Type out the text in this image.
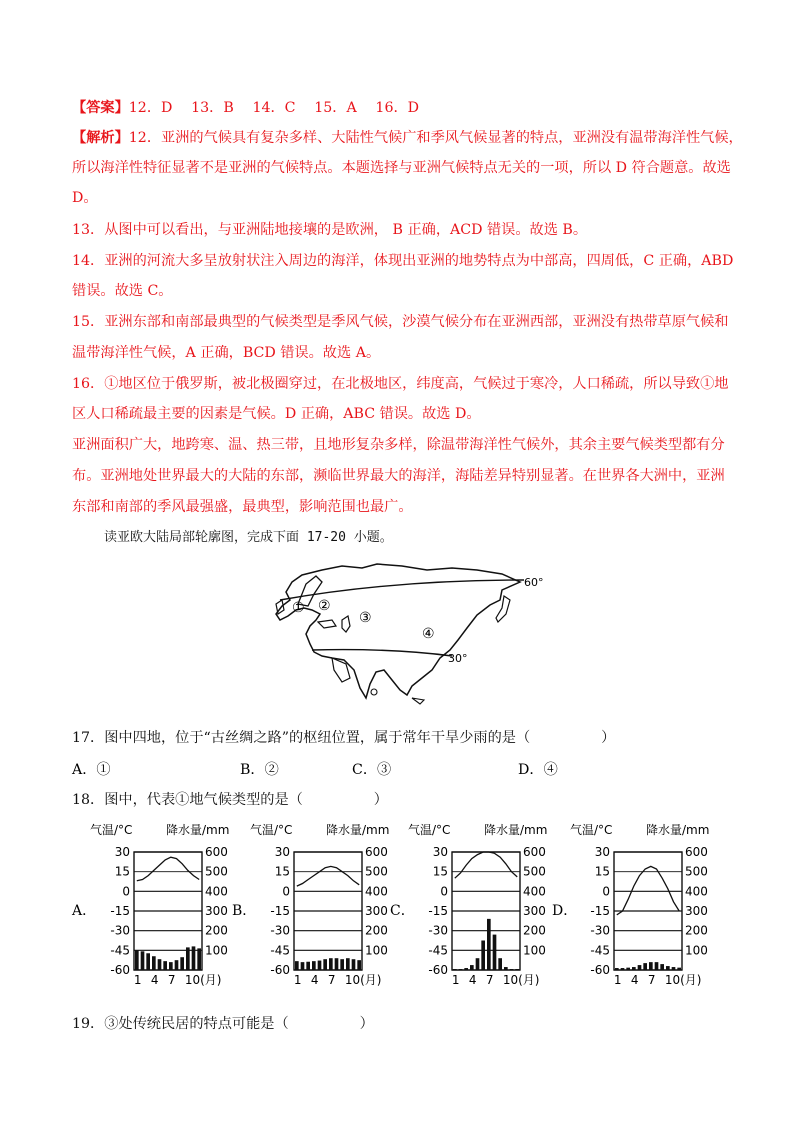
【答案】12．D　 13．B　 14．C　 15．A　 16．D
【解析】12．亚洲的气候具有复杂多样、大陆性气候广和季风气候显著的特点，亚洲没有温带海洋性气候，
所以海洋性特征显著不是亚洲的气候特点。本题选择与亚洲气候特点无关的一项，所以 D 符合题意。故选
D。
13．从图中可以看出，与亚洲陆地接壤的是欧洲， B 正确，ACD 错误。故选 B。
14．亚洲的河流大多呈放射状注入周边的海洋，体现出亚洲的地势特点为中部高，四周低，C 正确，ABD
错误。故选 C。
15．亚洲东部和南部最典型的气候类型是季风气候，沙漠气候分布在亚洲西部，亚洲没有热带草原气候和
温带海洋性气候，A 正确，BCD 错误。故选 A。
16．①地区位于俄罗斯，被北极圈穿过，在北极地区，纬度高，气候过于寒冷，人口稀疏，所以导致①地
区人口稀疏最主要的因素是气候。D 正确，ABC 错误。故选 D。
亚洲面积广大，地跨寒、温、热三带，且地形复杂多样，除温带海洋性气候外，其余主要气候类型都有分
布。亚洲地处世界最大的大陆的东部，濒临世界最大的海洋，海陆差异特别显著。在世界各大洲中，亚洲
东部和南部的季风最强盛，最典型，影响范围也最广。
读亚欧大陆局部轮廓图，完成下面 17-20 小题。
① ②
③
④
60°
30°
17．图中四地，位于“古丝绸之路”的枢纽位置，属于常年干旱少雨的是（　　　　　）
A．①	B．②	C．③	D．④
18．图中，代表①地气候类型的是（　　　　　）
A．	B．	C．	D．
气温/°C	降水量/mm
30
15
0
-15
-30
-45
-60
600
500
400
300
200
100
1 4 7 10(月)
气温/°C	降水量/mm
30
15
0
-15
-30
-45
-60
600
500
400
300
200
100
1 4 7 10(月)
气温/°C	降水量/mm
30
15
0
-15
-30
-45
-60
600
500
400
300
200
100
1 4 7 10(月)
气温/°C	降水量/mm
30
15
0
-15
-30
-45
-60
600
500
400
300
200
100
1 4 7 10(月)
19．③处传统民居的特点可能是（　　　　　）
